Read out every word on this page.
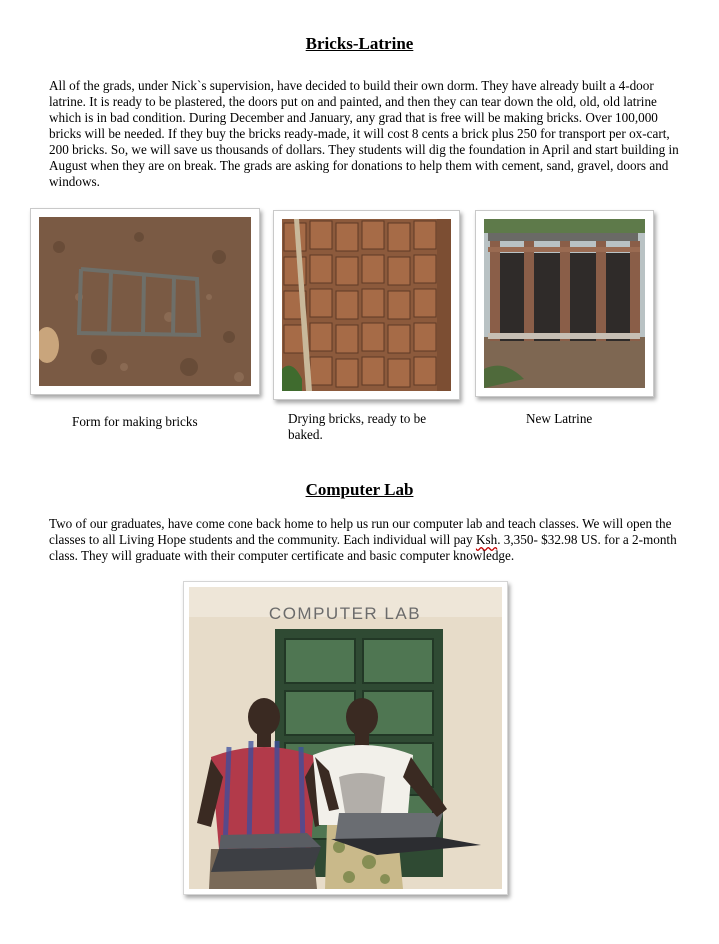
Bricks-Latrine
All of the grads, under Nick`s supervision, have decided to build their own dorm. They have already built a 4-door latrine. It is ready to be plastered, the doors put on and painted, and then they can tear down the old, old, old latrine which is in bad condition. During December and January, any grad that is free will be making bricks. Over 100,000 bricks will be needed. If they buy the bricks ready-made, it will cost 8 cents a brick plus 250 for transport per ox-cart, 200 bricks. So, we will save us thousands of dollars. They students will dig the foundation in April and start building in August when they are on break. The grads are asking for donations to help them with cement, sand, gravel, doors and windows.
Form for making bricks	Drying bricks, ready to be baked.
New Latrine
Computer Lab
Two of our graduates, have come cone back home to help us run our computer lab and teach classes. We will open the classes to all Living Hope students and the community. Each individual will pay Ksh. 3,350- $32.98 US. for a 2-month class. They will graduate with their computer certificate and basic computer knowledge.
COMPUTER LAB
